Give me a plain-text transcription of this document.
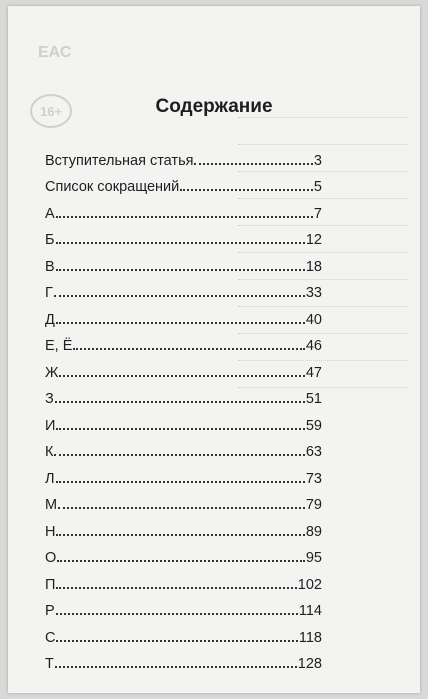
ЕАС
16+	Содержание
Вступительная статья	3
Список сокращений	5
А	7
Б	12
В	18
Г	33
Д	40
Е, Ё	46
Ж	47
З	51
И	59
К	63
Л	73
М	79
Н	89
О	95
П	102
Р	114
С	118
Т	128
